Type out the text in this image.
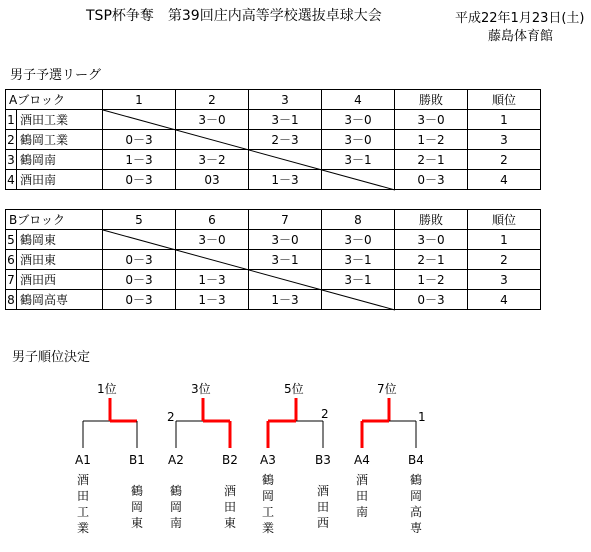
TSP杯争奪　第39回庄内高等学校選抜卓球大会	平成22年1月23日(土)
藤島体育館
男子予選リーグ
Aブロック		1	2	3	4	勝敗	順位
1	酒田工業		3－0	3－1	3－0	3－0	1
2	鶴岡工業	0－3		2－3	3－0	1－2	3
3	鶴岡南	1－3	3－2		3－1	2－1	2
4	酒田南	0－3	03	1－3		0－3	4
Bブロック		5	6	7	8	勝敗	順位
5	鶴岡東		3－0	3－0	3－0	3－0	1
6	酒田東	0－3		3－1	3－1	2－1	2
7	酒田西	0－3	1－3		3－1	1－2	3
8	鶴岡高専	0－3	1－3	1－3		0－3	4
男子順位決定
1位	3位	5位	7位
2	2	1
A1	B1 A2	B2 A3	B3 A4	B4
酒田工業
鶴岡東
鶴岡南
酒田東
鶴岡工業
酒田西
酒田南
鶴岡高専
